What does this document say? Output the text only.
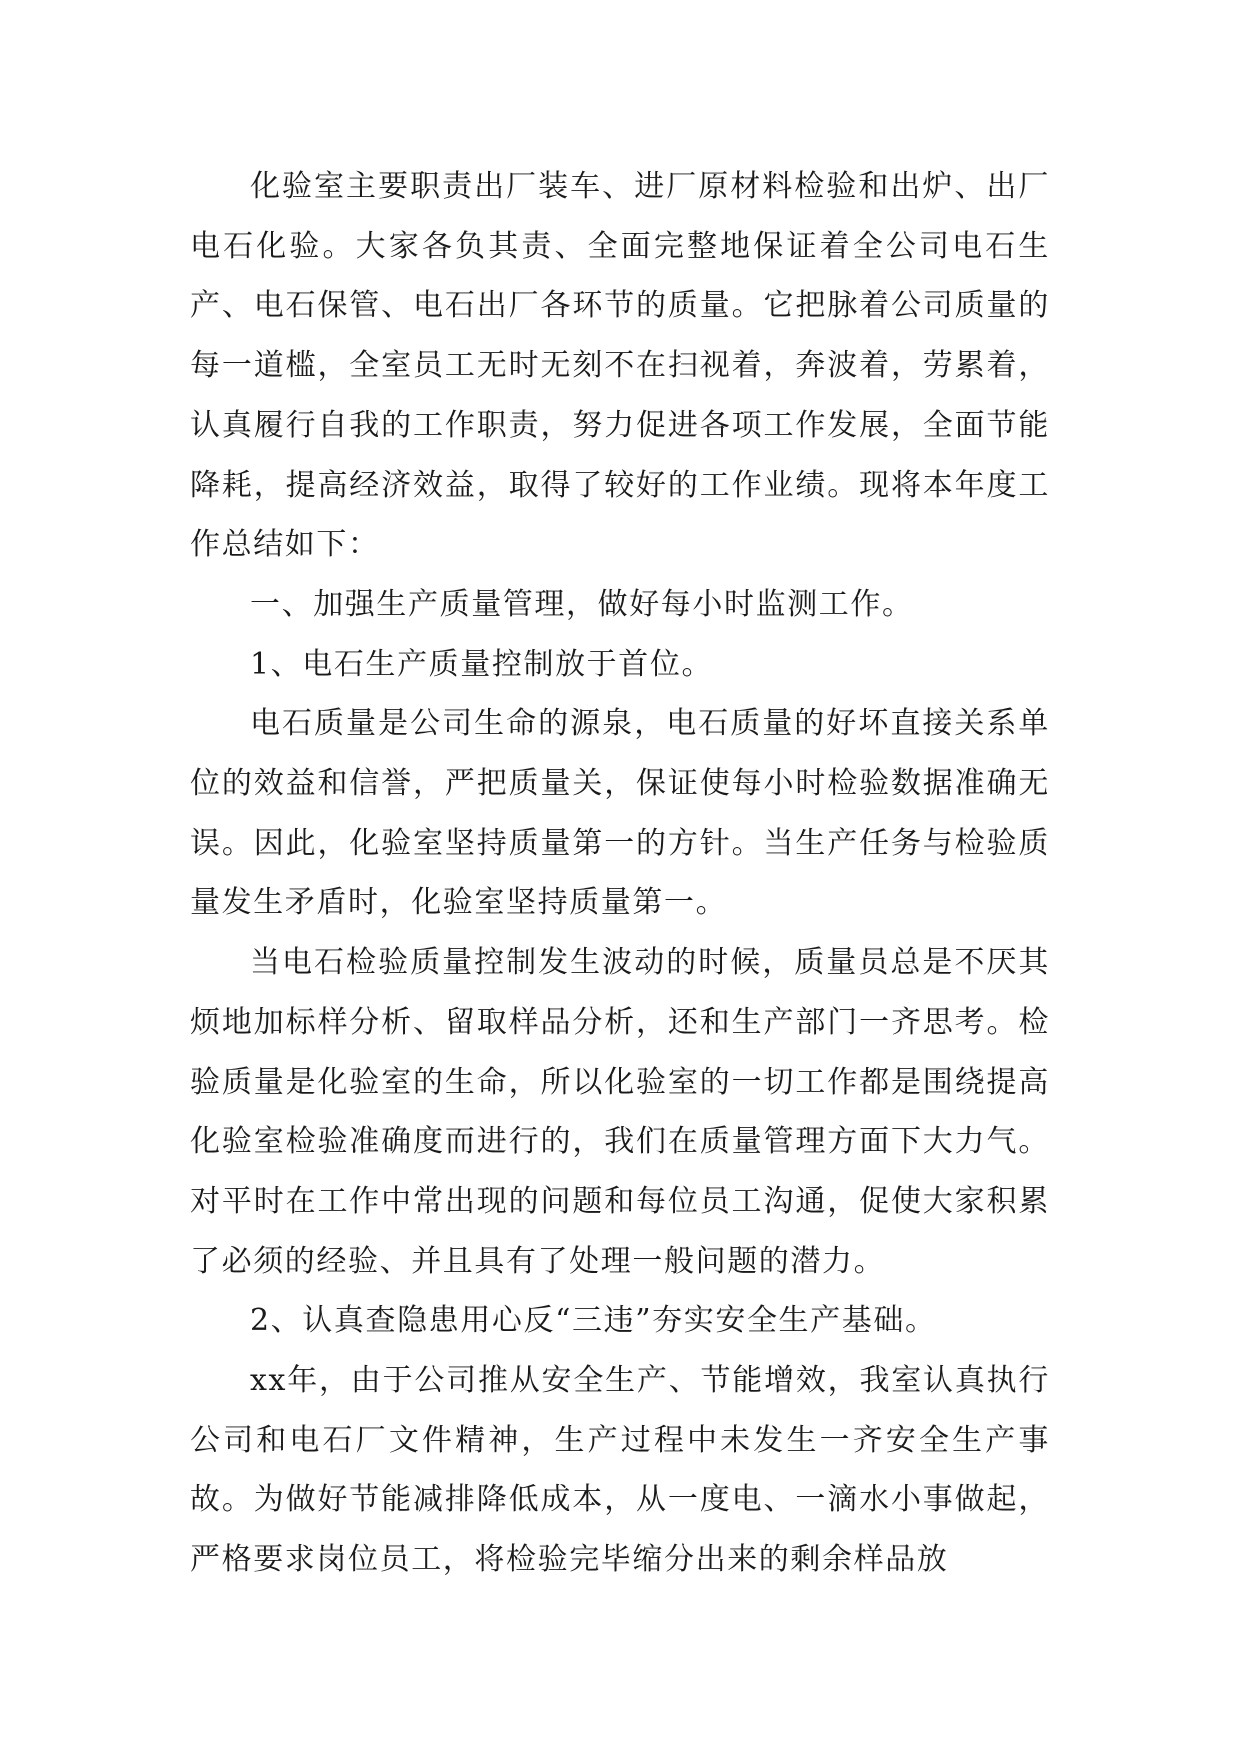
化验室主要职责出厂装车、进厂原材料检验和出炉、出厂电石化验。大家各负其责、全面完整地保证着全公司电石生产、电石保管、电石出厂各环节的质量。它把脉着公司质量的每一道槛，全室员工无时无刻不在扫视着，奔波着，劳累着，认真履行自我的工作职责，努力促进各项工作发展，全面节能降耗，提高经济效益，取得了较好的工作业绩。现将本年度工作总结如下：

一、加强生产质量管理，做好每小时监测工作。

1、电石生产质量控制放于首位。

电石质量是公司生命的源泉，电石质量的好坏直接关系单位的效益和信誉，严把质量关，保证使每小时检验数据准确无误。因此，化验室坚持质量第一的方针。当生产任务与检验质量发生矛盾时，化验室坚持质量第一。

当电石检验质量控制发生波动的时候，质量员总是不厌其烦地加标样分析、留取样品分析，还和生产部门一齐思考。检验质量是化验室的生命，所以化验室的一切工作都是围绕提高化验室检验准确度而进行的，我们在质量管理方面下大力气。对平时在工作中常出现的问题和每位员工沟通，促使大家积累了必须的经验、并且具有了处理一般问题的潜力。

2、认真查隐患用心反“三违”夯实安全生产基础。

xx年，由于公司推从安全生产、节能增效，我室认真执行公司和电石厂文件精神，生产过程中未发生一齐安全生产事故。为做好节能减排降低成本，从一度电、一滴水小事做起，严格要求岗位员工，将检验完毕缩分出来的剩余样品放
